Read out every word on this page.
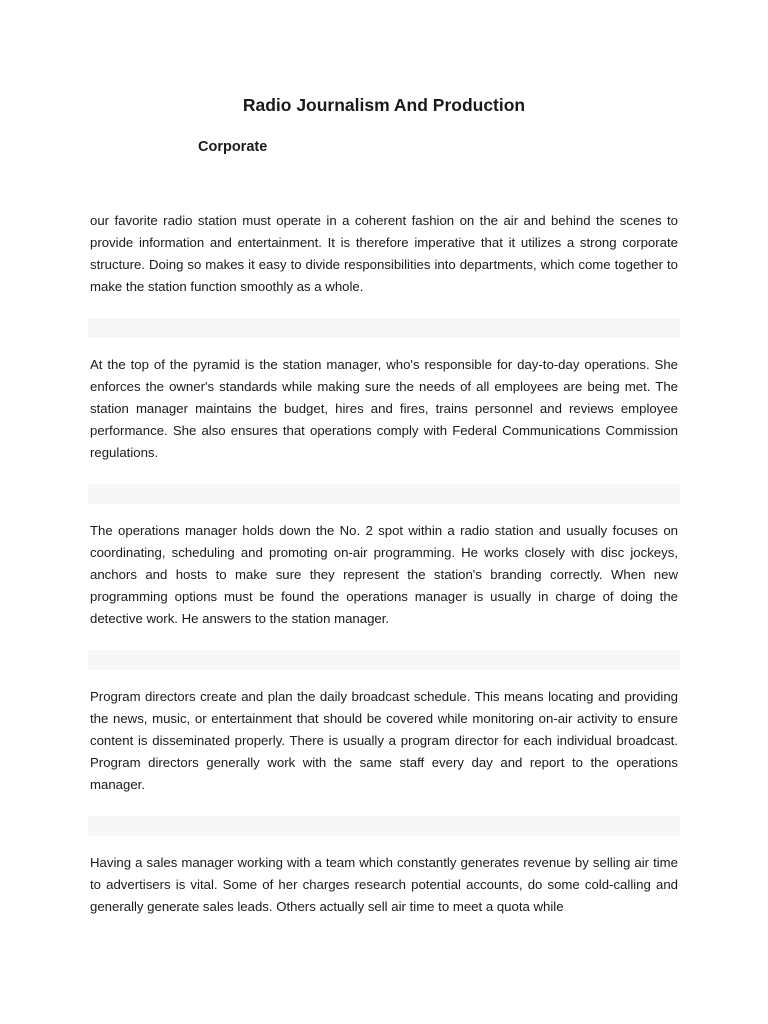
Radio Journalism And Production
Corporate

our favorite radio station must operate in a coherent fashion on the air and behind the scenes to provide information and entertainment. It is therefore imperative that it utilizes a strong corporate structure. Doing so makes it easy to divide responsibilities into departments, which come together to make the station function smoothly as a whole.

At the top of the pyramid is the station manager, who's responsible for day-to-day operations. She enforces the owner's standards while making sure the needs of all employees are being met. The station manager maintains the budget, hires and fires, trains personnel and reviews employee performance. She also ensures that operations comply with Federal Communications Commission regulations.

The operations manager holds down the No. 2 spot within a radio station and usually focuses on coordinating, scheduling and promoting on-air programming. He works closely with disc jockeys, anchors and hosts to make sure they represent the station's branding correctly. When new programming options must be found the operations manager is usually in charge of doing the detective work. He answers to the station manager.

Program directors create and plan the daily broadcast schedule. This means locating and providing the news, music, or entertainment that should be covered while monitoring on-air activity to ensure content is disseminated properly. There is usually a program director for each individual broadcast. Program directors generally work with the same staff every day and report to the operations manager.

Having a sales manager working with a team which constantly generates revenue by selling air time to advertisers is vital. Some of her charges research potential accounts, do some cold-calling and generally generate sales leads. Others actually sell air time to meet a quota while
